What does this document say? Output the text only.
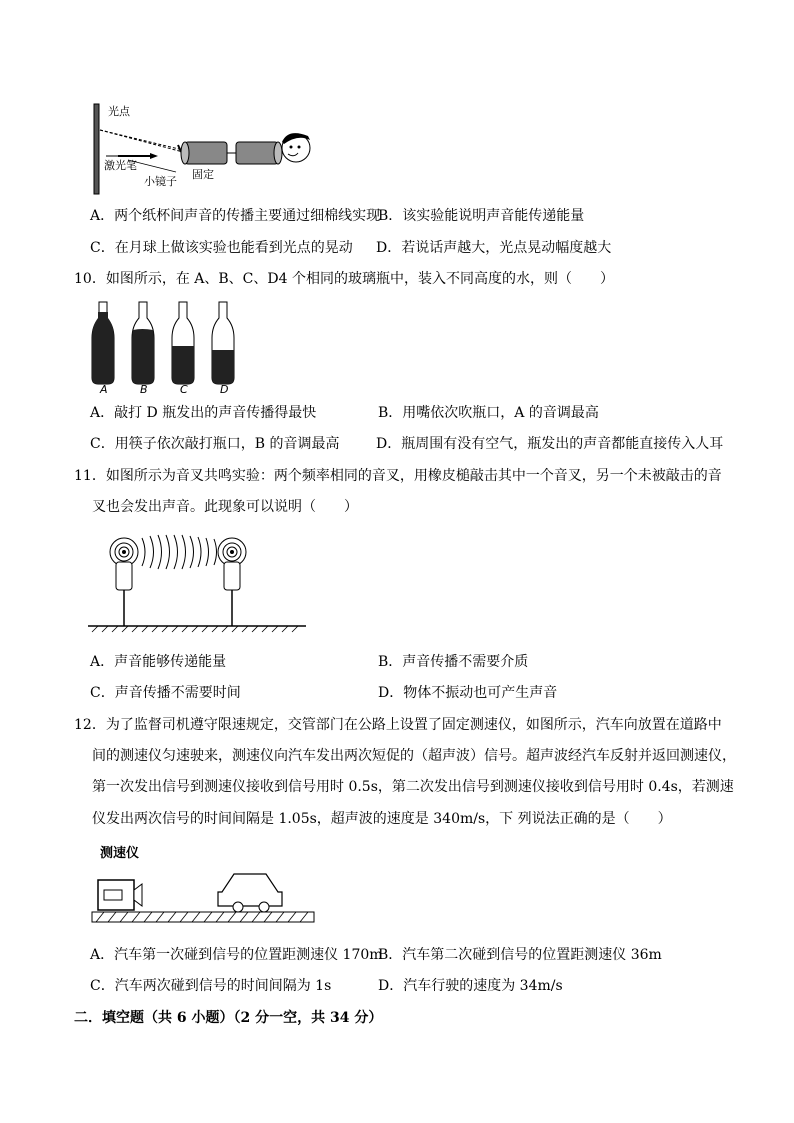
光点
激光笔
小镜子
固定
A．两个纸杯间声音的传播主要通过细棉线实现
B．该实验能说明声音能传递能量
C．在月球上做该实验也能看到光点的晃动 D．若说话声越大，光点晃动幅度越大
10．如图所示，在 A、B、C、D4 个相同的玻璃瓶中，装入不同高度的水，则（　　）
A	B	C	D
A．敲打 D 瓶发出的声音传播得最快	B．用嘴依次吹瓶口，A 的音调最高
C．用筷子依次敲打瓶口，B 的音调最高	D．瓶周围有没有空气，瓶发出的声音都能直接传入人耳
11．如图所示为音叉共鸣实验：两个频率相同的音叉，用橡皮槌敲击其中一个音叉，另一个未被敲击的音
叉也会发出声音。此现象可以说明（　　）
A．声音能够传递能量	B．声音传播不需要介质
C．声音传播不需要时间	D．物体不振动也可产生声音
12．为了监督司机遵守限速规定，交管部门在公路上设置了固定测速仪，如图所示，汽车向放置在道路中
间的测速仪匀速驶来，测速仪向汽车发出两次短促的（超声波）信号。超声波经汽车反射并返回测速仪，
第一次发出信号到测速仪接收到信号用时 0.5s，第二次发出信号到测速仪接收到信号用时 0.4s，若测速
仪发出两次信号的时间间隔是 1.05s，超声波的速度是 340m/s，下 列说法正确的是（　　）
测速仪
A．汽车第一次碰到信号的位置距测速仪 170m
B．汽车第二次碰到信号的位置距测速仪 36m
C．汽车两次碰到信号的时间间隔为 1s	D．汽车行驶的速度为 34m/s
二．填空题（共 6 小题）（2 分一空，共 34 分）
